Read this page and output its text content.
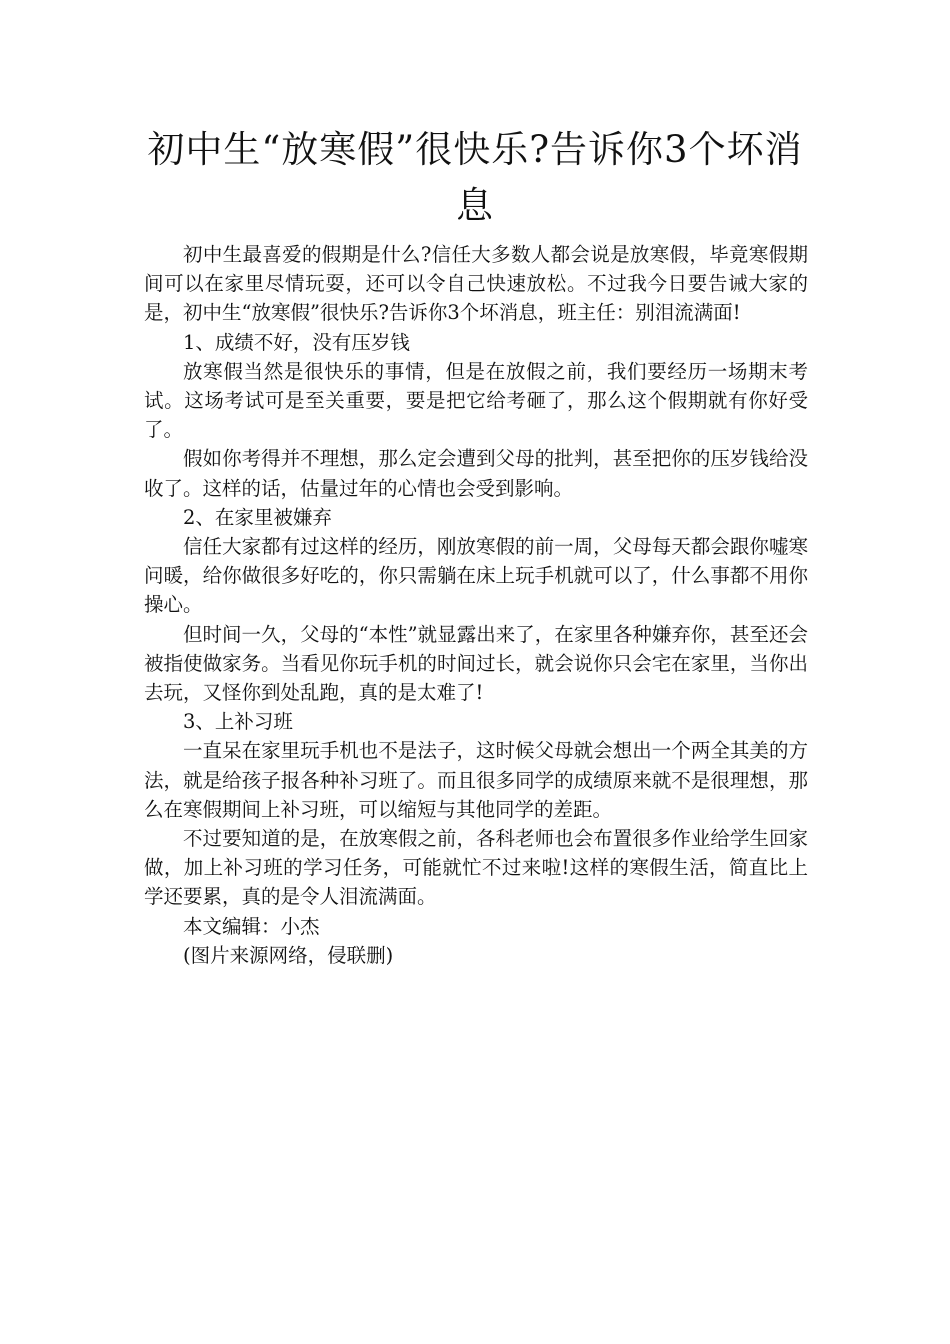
初中生“放寒假”很快乐?告诉你3个坏消息

初中生最喜爱的假期是什么?信任大多数人都会说是放寒假，毕竟寒假期间可以在家里尽情玩耍，还可以令自己快速放松。不过我今日要告诫大家的是，初中生“放寒假”很快乐?告诉你3个坏消息，班主任：别泪流满面!

1、成绩不好，没有压岁钱

放寒假当然是很快乐的事情，但是在放假之前，我们要经历一场期末考试。这场考试可是至关重要，要是把它给考砸了，那么这个假期就有你好受了。

假如你考得并不理想，那么定会遭到父母的批判，甚至把你的压岁钱给没收了。这样的话，估量过年的心情也会受到影响。

2、在家里被嫌弃

信任大家都有过这样的经历，刚放寒假的前一周，父母每天都会跟你嘘寒问暖，给你做很多好吃的，你只需躺在床上玩手机就可以了，什么事都不用你操心。

但时间一久，父母的“本性”就显露出来了，在家里各种嫌弃你，甚至还会被指使做家务。当看见你玩手机的时间过长，就会说你只会宅在家里，当你出去玩，又怪你到处乱跑，真的是太难了!

3、上补习班

一直呆在家里玩手机也不是法子，这时候父母就会想出一个两全其美的方法，就是给孩子报各种补习班了。而且很多同学的成绩原来就不是很理想，那么在寒假期间上补习班，可以缩短与其他同学的差距。

不过要知道的是，在放寒假之前，各科老师也会布置很多作业给学生回家做，加上补习班的学习任务，可能就忙不过来啦!这样的寒假生活，简直比上学还要累，真的是令人泪流满面。

本文编辑：小杰

(图片来源网络，侵联删)
